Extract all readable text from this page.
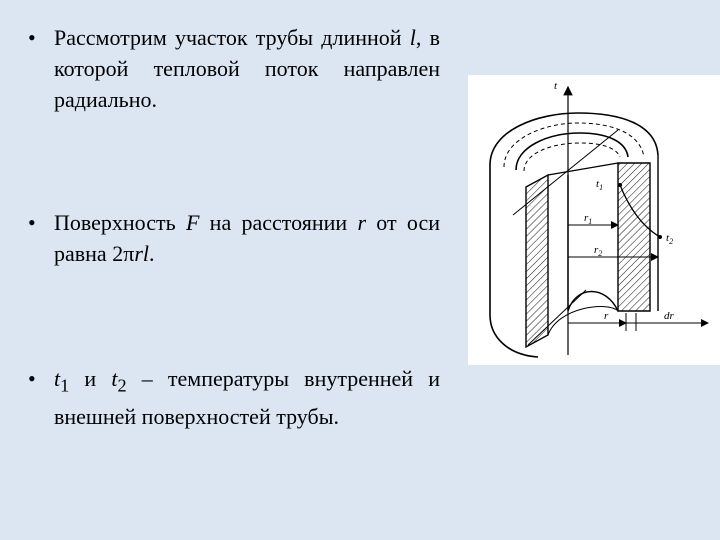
• Рассмотрим участок трубы длинной l, в которой тепловой поток направлен радиально.
• Поверхность F на расстоянии r от оси равна 2πrl.
• $t_1$ и $t_2$ – температуры внутренней и внешней поверхностей трубы.
t
$t_1$
$t_2$
$r_1$
$r_2$
r	dr
